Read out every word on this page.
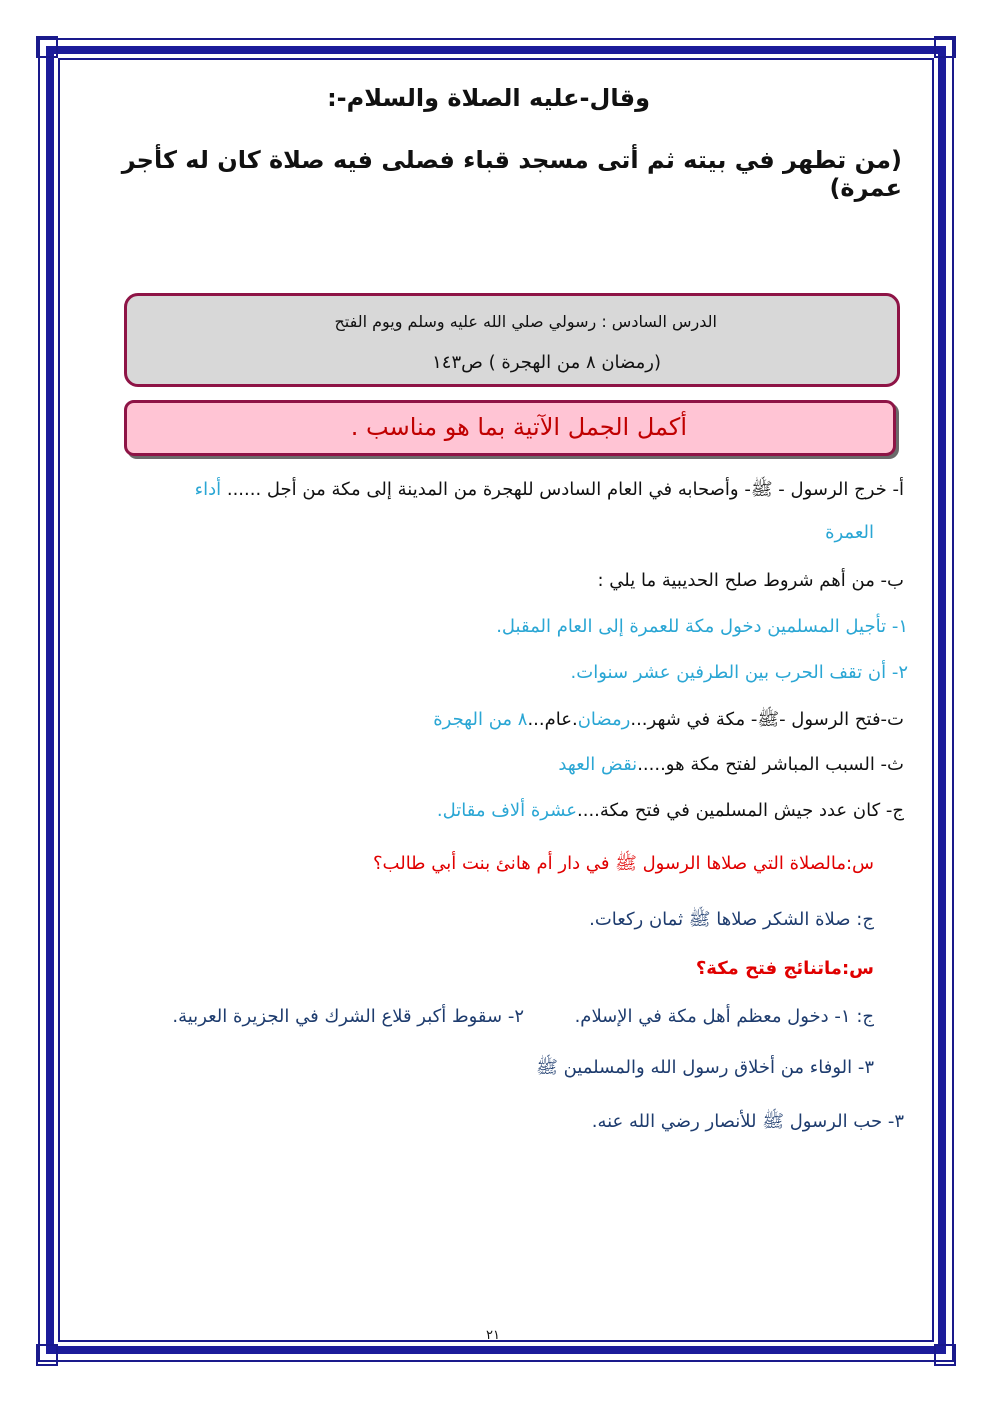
وقال-عليه الصلاة والسلام-:
(من تطهر في بيته ثم أتى مسجد قباء فصلى فيه صلاة كان له كأجر عمرة)
الدرس السادس : رسولي صلي الله عليه وسلم ويوم الفتح
(رمضان ٨ من الهجرة ) ص١٤٣
أكمل الجمل الآتية بما هو مناسب .
أ- خرج الرسول - ﷺ- وأصحابه في العام السادس للهجرة من المدينة إلى مكة من أجل ...... أداء
العمرة
ب- من أهم شروط صلح الحديبية ما يلي :
١- تأجيل المسلمين دخول مكة للعمرة إلى العام المقبل.
٢- أن تقف الحرب بين الطرفين عشر سنوات.
ت-فتح الرسول -ﷺ- مكة في شهر...رمضان.عام...٨ من الهجرة
ث- السبب المباشر لفتح مكة هو.....نقض العهد
ج- كان عدد جيش المسلمين في فتح مكة....عشرة ألاف مقاتل.
س:مالصلاة التي صلاها الرسول ﷺ في دار أم هانئ بنت أبي طالب؟
ج: صلاة الشكر صلاها ﷺ ثمان ركعات.
س:ماتنائج فتح مكة؟
ج: ١- دخول معظم أهل مكة في الإسلام.
٢- سقوط أكبر قلاع الشرك في الجزيرة العربية.
٣- الوفاء من أخلاق رسول الله والمسلمين ﷺ
٣- حب الرسول ﷺ للأنصار رضي الله عنه.
٢١
